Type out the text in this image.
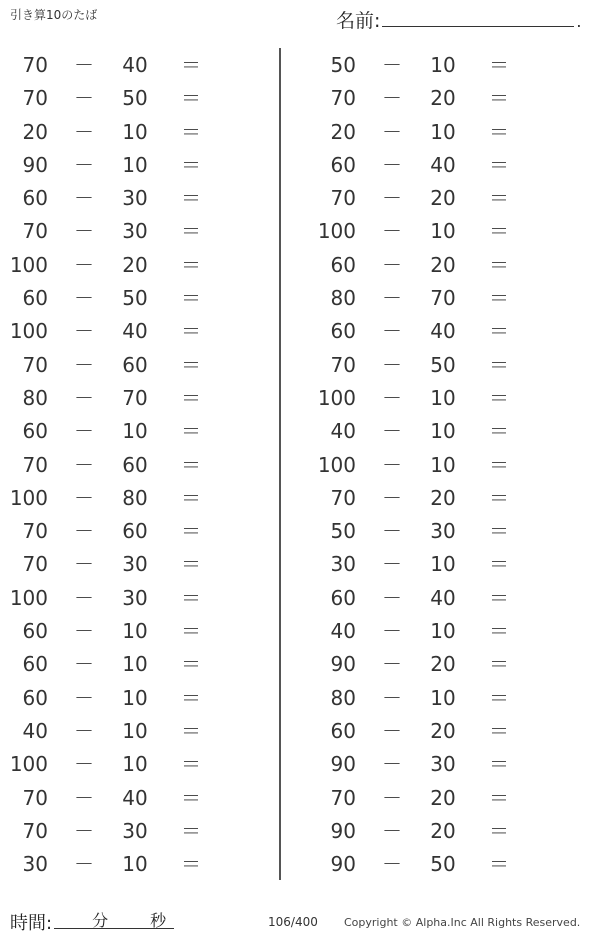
引き算10のたば	名前:	.
70 －	40	＝
70 －	50	＝
20 －	10	＝
90 －	10	＝
60 －	30	＝
70 －	30	＝
100 －	20	＝
60 －	50	＝
100 －	40	＝
70 －	60	＝
80 －	70	＝
60 －	10	＝
70 －	60	＝
100 －	80	＝
70 －	60	＝
70 －	30	＝
100 －	30	＝
60 －	10	＝
60 －	10	＝
60 －	10	＝
40 －	10	＝
100 －	10	＝
70 －	40	＝
70 －	30	＝
30 －	10	＝
50 －	10	＝
70 －	20	＝
20 －	10	＝
60 －	40	＝
70 －	20	＝
100 －	10	＝
60 －	20	＝
80 －	70	＝
60 －	40	＝
70 －	50	＝
100 －	10	＝
40 －	10	＝
100 －	10	＝
70 －	20	＝
50 －	30	＝
30 －	10	＝
60 －	40	＝
40 －	10	＝
90 －	20	＝
80 －	10	＝
60 －	20	＝
90 －	30	＝
70 －	20	＝
90 －	20	＝
90 －	50	＝
時間:	分	秒	106/400 Copyright © Alpha.Inc All Rights Reserved.
